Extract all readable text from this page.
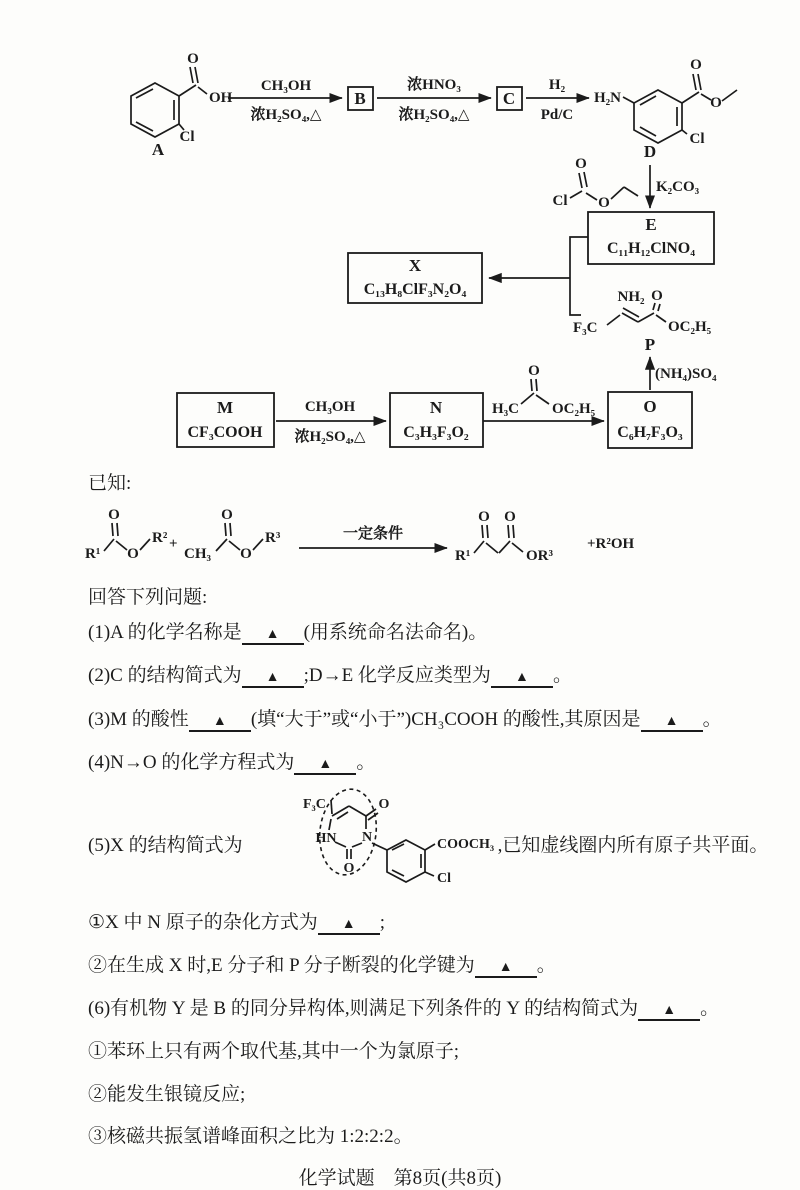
O
OH
Cl
A
CH₃OH
浓H₂SO₄,△
B
浓HNO₃
浓H₂SO₄,△
C
H₂
Pd/C
H₂N
O
O
Cl
D
K₂CO₃
Cl
O
O
E
C₁₁H₁₂ClNO₄
X
C₁₃H₈ClF₃N₂O₄	NH₂ O
F₃C	OC₂H₅
P
(NH₄)SO₄
O
C₆H₇F₃O₃
M
CF₃COOH
CH₃OH
浓H₂SO₄,△
N
C₃H₃F₃O₂
H₃C
O
OC₂H₅
已知:
R¹
O
O
R² +
CH₃
O
O
R³	一定条件
R¹
O O
OR³
+R²OH
回答下列问题:
(1)A 的化学名称是 ▲ (用系统命名法命名)。
(2)C 的结构简式为 ▲ ;D→E 化学反应类型为 ▲ 。
(3)M 的酸性 ▲ (填“大于”或“小于”)CH₃COOH 的酸性,其原因是 ▲ 。
(4)N→O 的化学方程式为 ▲ 。
(5)X 的结构简式为
F₃C
HN N
O
O
COOCH₃
Cl
,已知虚线圈内所有原子共平面。
①X 中 N 原子的杂化方式为 ▲ ;
②在生成 X 时,E 分子和 P 分子断裂的化学键为 ▲ 。
(6)有机物 Y 是 B 的同分异构体,则满足下列条件的 Y 的结构简式为 ▲ 。
①苯环上只有两个取代基,其中一个为氯原子;
②能发生银镜反应;
③核磁共振氢谱峰面积之比为 1:2:2:2。
化学试题　第8页(共8页)
